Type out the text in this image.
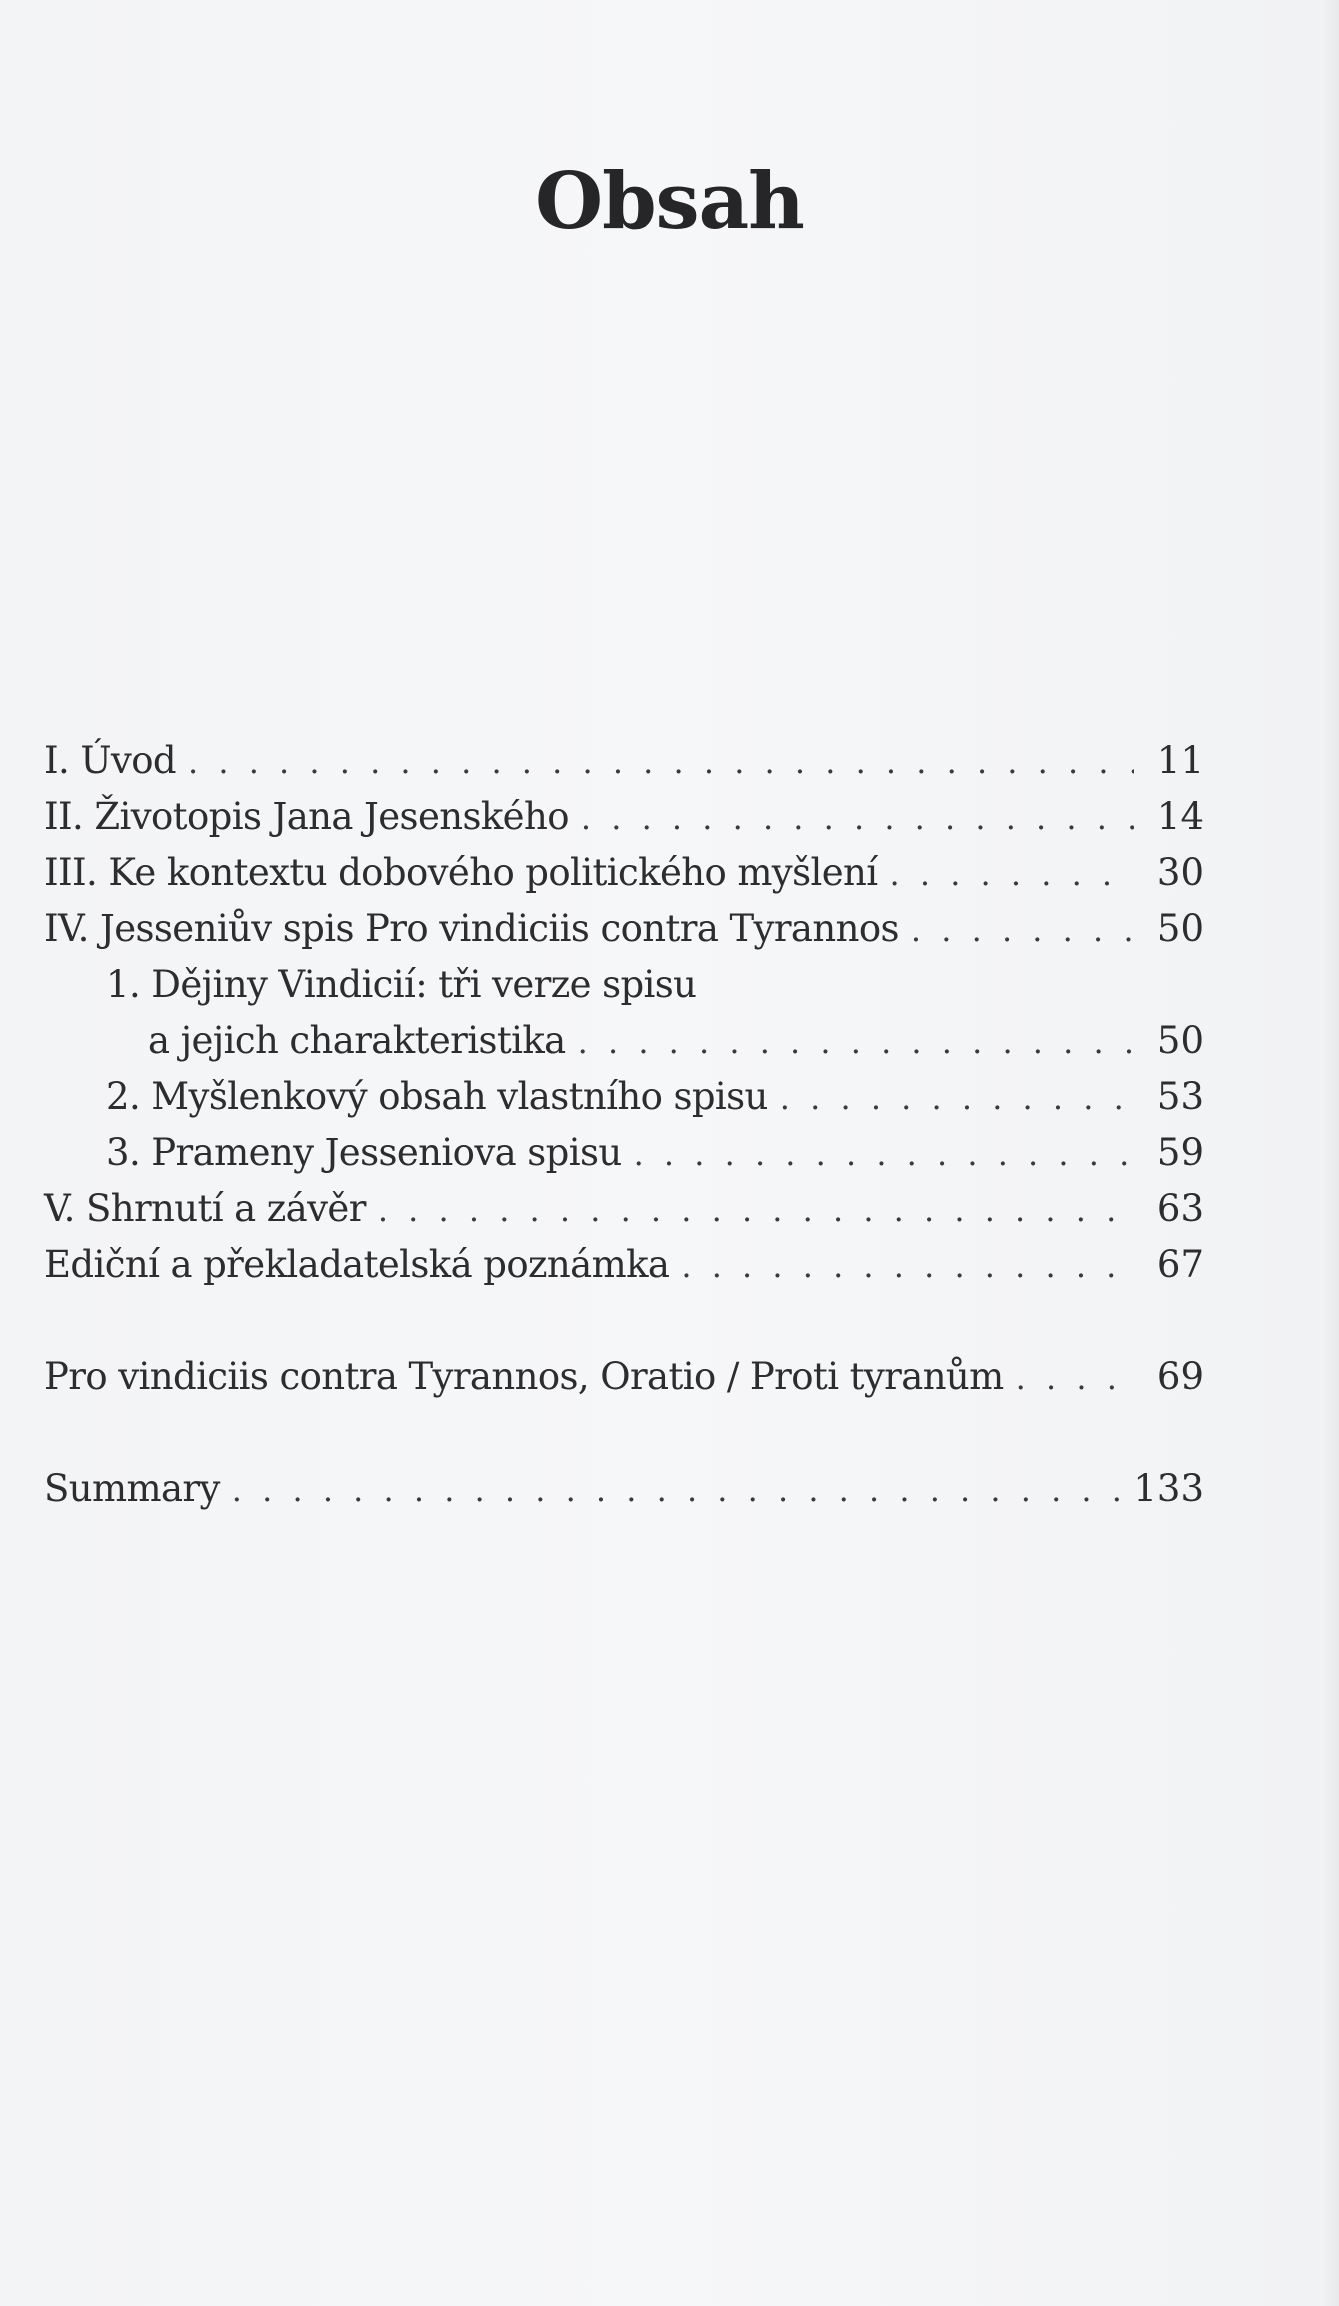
Obsah
I. Úvod . . .	11
II. Životopis Jana Jesenského . . .	14
III. Ke kontextu dobového politického myšlení . . .	30
IV. Jesseniův spis Pro vindiciis contra Tyrannos . . .	50
1. Dějiny Vindicií: tři verze spisu
a jejich charakteristika . . .	50
2. Myšlenkový obsah vlastního spisu . . .	53
3. Prameny Jesseniova spisu . . .	59
V. Shrnutí a závěr . . .	63
Ediční a překladatelská poznámka . . .	67
Pro vindiciis contra Tyrannos, Oratio / Proti tyranům . . .	69
Summary . . .	133
